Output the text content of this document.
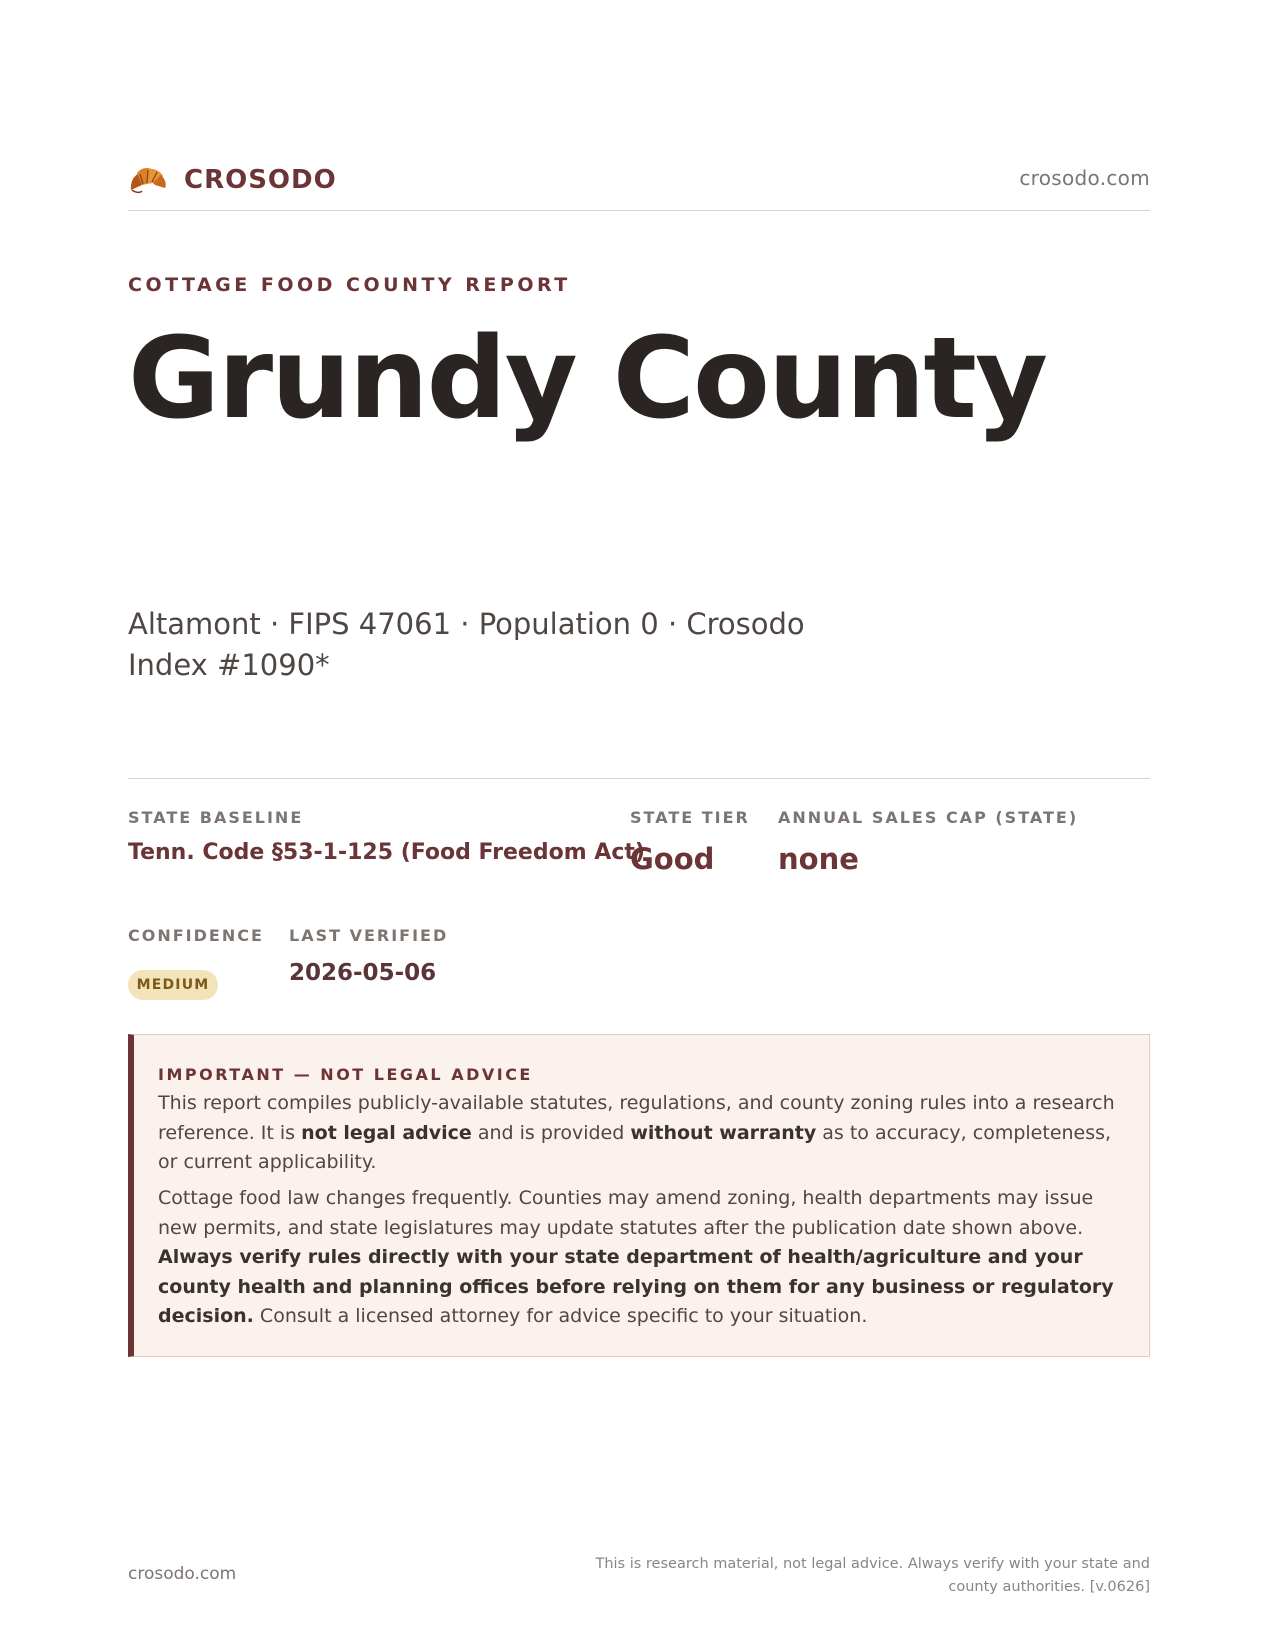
CROSODO	crosodo.com
COTTAGE FOOD COUNTY REPORT
Grundy County
Altamont · FIPS 47061 · Population 0 · Crosodo Index #1090*
STATE BASELINE
Tenn. Code §53-1-125 (Food Freedom Act)
STATE TIER
Good
ANNUAL SALES CAP (STATE)
none
CONFIDENCE
MEDIUM
LAST VERIFIED
2026-05-06
IMPORTANT — NOT LEGAL ADVICE

This report compiles publicly-available statutes, regulations, and county zoning rules into a research reference. It is not legal advice and is provided without warranty as to accuracy, completeness, or current applicability.

Cottage food law changes frequently. Counties may amend zoning, health departments may issue new permits, and state legislatures may update statutes after the publication date shown above. Always verify rules directly with your state department of health/agriculture and your county health and planning offices before relying on them for any business or regulatory decision. Consult a licensed attorney for advice specific to your situation.

crosodo.com	This is research material, not legal advice. Always verify with your state and county authorities. [v.0626]
